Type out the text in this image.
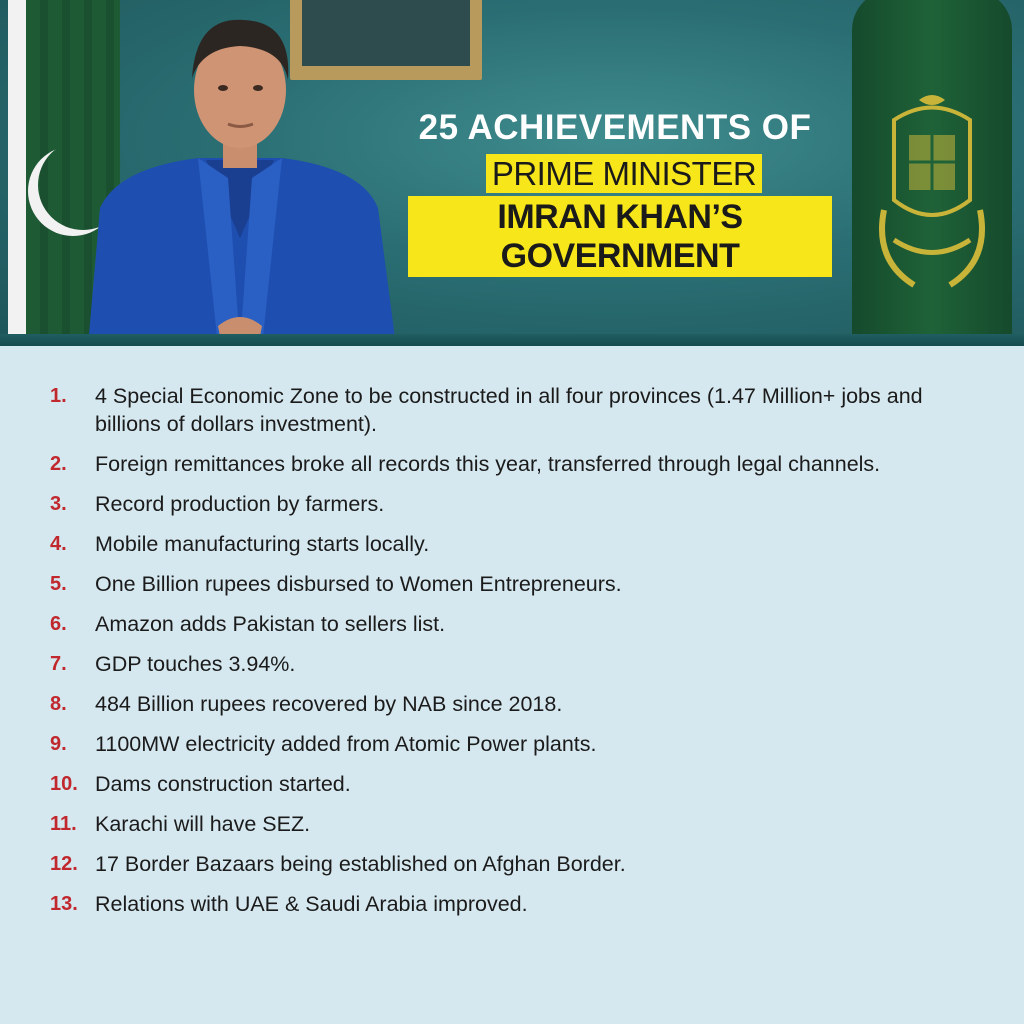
25 ACHIEVEMENTS OF
PRIME MINISTER
IMRAN KHAN’S GOVERNMENT
1.	4 Special Economic Zone to be constructed in all four provinces (1.47 Million+ jobs and billions of dollars investment).
2.	Foreign remittances broke all records this year, transferred through legal channels.
3.	Record production by farmers.
4.	Mobile manufacturing starts locally.
5.	One Billion rupees disbursed to Women Entrepreneurs.
6.	Amazon adds Pakistan to sellers list.
7.	GDP touches 3.94%.
8.	484 Billion rupees recovered by NAB since 2018.
9.	1100MW electricity added from Atomic Power plants.
10. Dams construction started.
11. Karachi will have SEZ.
12. 17 Border Bazaars being established on Afghan Border.
13. Relations with UAE & Saudi Arabia improved.
